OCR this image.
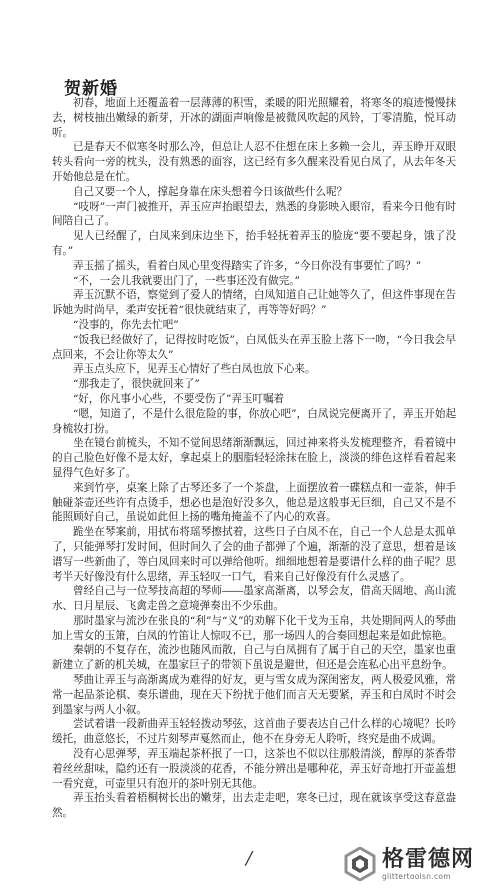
贺新婚

初春，地面上还覆盖着一层薄薄的积雪，柔暖的阳光照耀着，将寒冬的痕迹慢慢抹去，树枝抽出嫩绿的新芽，开冰的湖面声响像是被微风吹起的风铃，丁零清脆，悦耳动听。

已是春天不似寒冬时那么冷，但总让人忍不住想在床上多赖一会儿，弄玉睁开双眼转头看向一旁的枕头，没有熟悉的面容，这已经有多久醒来没看见白凤了，从去年冬天开始他总是在忙。

自己又要一个人，撑起身靠在床头想着今日该做些什么呢？

“吱呀”一声门被推开，弄玉应声抬眼望去，熟悉的身影映入眼帘，看来今日他有时间陪自己了。

见人已经醒了，白凤来到床边坐下，抬手轻抚着弄玉的脸庞“要不要起身，饿了没有。”

弄玉摇了摇头，看着白凤心里变得踏实了许多，“今日你没有事要忙了吗？”

“不，一会儿我就要出门了，一些事还没有做完。”

弄玉沉默不语，察觉到了爱人的情绪，白凤知道自己让她等久了，但这件事现在告诉她为时尚早，柔声安抚着“很快就结束了，再等等好吗？”

“没事的，你先去忙吧”

“饭我已经做好了，记得按时吃饭”，白凤低头在弄玉脸上落下一吻，“今日我会早点回来，不会让你等太久”

弄玉点头应下，见弄玉心情好了些白凤也放下心来。

“那我走了，很快就回来了”

“好，你凡事小心些，不要受伤了”弄玉叮嘱着

“嗯，知道了，不是什么很危险的事，你放心吧”，白凤说完便离开了，弄玉开始起身梳妆打扮。

坐在镜台前梳头，不知不觉间思绪渐渐飘远，回过神来将头发梳理整齐，看着镜中的自己脸色好像不是太好，拿起桌上的胭脂轻轻涂抹在脸上，淡淡的绯色这样看着起来显得气色好多了。

来到竹亭，桌案上除了古琴还多了一个茶盘，上面摆放着一碟糕点和一壶茶，伸手触碰茶壶还些许有点烫手，想必也是泡好没多久，他总是这般事无巨细，自己又不是不能照顾好自己，虽说如此但上扬的嘴角掩盖不了内心的欢喜。

跪坐在琴案前，用拭布将瑶琴擦拭着，这些日子白凤不在，自己一个人总是太孤单了，只能弹琴打发时间，但时间久了会的曲子都弹了个遍，渐渐的没了意思，想着是该谱写一些新曲了，等白凤回来时可以弹给他听。细细地想着是要谱什么样的曲子呢？思考半天好像没有什么思绪，弄玉轻叹一口气，看来自己好像没有什么灵感了。

曾经自己与一位琴技高超的琴师――墨家高渐离，以琴会友，借高天阔地、高山流水、日月星辰、飞禽走兽之意境弹奏出不少乐曲。

那时墨家与流沙在张良的“利”与“义”的劝解下化干戈为玉帛，共处期间两人的琴曲加上雪女的玉箫，白凤的竹笛让人惊叹不已，那一场四人的合奏回想起来是如此惊艳。

秦朝的不复存在，流沙也随风而散，自己与白凤拥有了属于自己的天空，墨家也重新建立了新的机关城，在墨家巨子的带领下虽说是避世，但还是会连私心出平息纷争。

琴曲让弄玉与高渐离成为难得的好友，更与雪女成为深闺密友，两人极爱风雅，常常一起品茶论棋、奏乐谱曲，现在天下纷扰于他们而言天无要紧，弄玉和白凤时不时会到墨家与两人小叙。

尝试着谱一段新曲弄玉轻轻拨动琴弦，这首曲子要表达自己什么样的心境呢？长吟缓托，曲意悠长，不过片刻琴声戛然而止，他不在身旁无人聆听，终究是曲不成调。

没有心思弹琴，弄玉端起茶杯抿了一口，这茶也不似以往那般清淡，醇厚的茶香带着丝丝甜味，隐约还有一股淡淡的花香，不能分辨出是哪种花，弄玉好奇地打开壶盖想一看究竟，可壶里只有泡开的茶叶别无其他。

弄玉抬头看着梧桐树长出的嫩芽，出去走走吧，寒冬已过，现在就该享受这春意盎然。

/	格雷德网
glittertoolsn.com
